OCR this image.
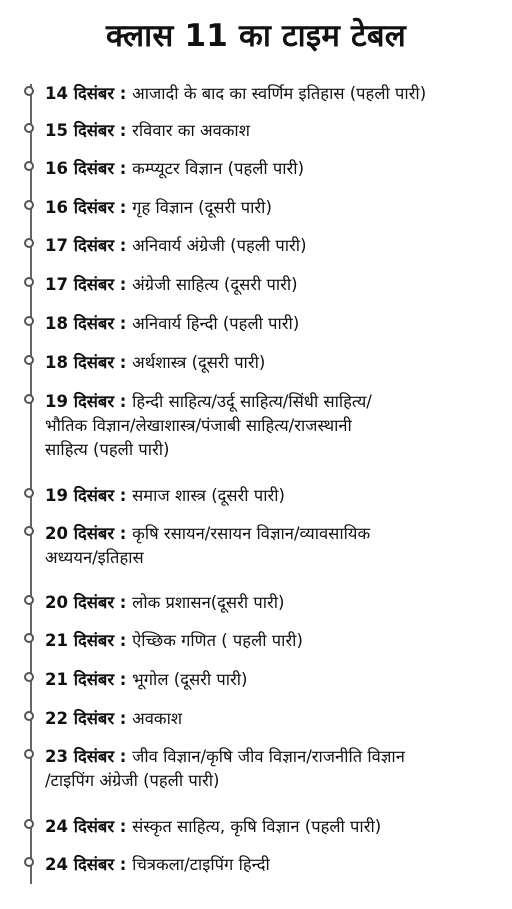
क्लास 11 का टाइम टेबल
14 दिसंबर : आजादी के बाद का स्वर्णिम इतिहास (पहली पारी)
15 दिसंबर : रविवार का अवकाश
16 दिसंबर : कम्प्यूटर विज्ञान (पहली पारी)
16 दिसंबर : गृह विज्ञान (दूसरी पारी)
17 दिसंबर : अनिवार्य अंग्रेजी (पहली पारी)
17 दिसंबर : अंग्रेजी साहित्य (दूसरी पारी)
18 दिसंबर : अनिवार्य हिन्दी (पहली पारी)
18 दिसंबर : अर्थशास्त्र (दूसरी पारी)
19 दिसंबर : हिन्दी साहित्य/उर्दू साहित्य/सिंधी साहित्य/
भौतिक विज्ञान/लेखाशास्त्र/पंजाबी साहित्य/राजस्थानी
साहित्य (पहली पारी)
19 दिसंबर : समाज शास्त्र (दूसरी पारी)
20 दिसंबर : कृषि रसायन/रसायन विज्ञान/व्यावसायिक
अध्ययन/इतिहास
20 दिसंबर : लोक प्रशासन(दूसरी पारी)
21 दिसंबर : ऐच्छिक गणित ( पहली पारी)
21 दिसंबर : भूगोल (दूसरी पारी)
22 दिसंबर : अवकाश
23 दिसंबर : जीव विज्ञान/कृषि जीव विज्ञान/राजनीति विज्ञान
/टाइपिंग अंग्रेजी (पहली पारी)
24 दिसंबर : संस्कृत साहित्य, कृषि विज्ञान (पहली पारी)
24 दिसंबर : चित्रकला/टाइपिंग हिन्दी
